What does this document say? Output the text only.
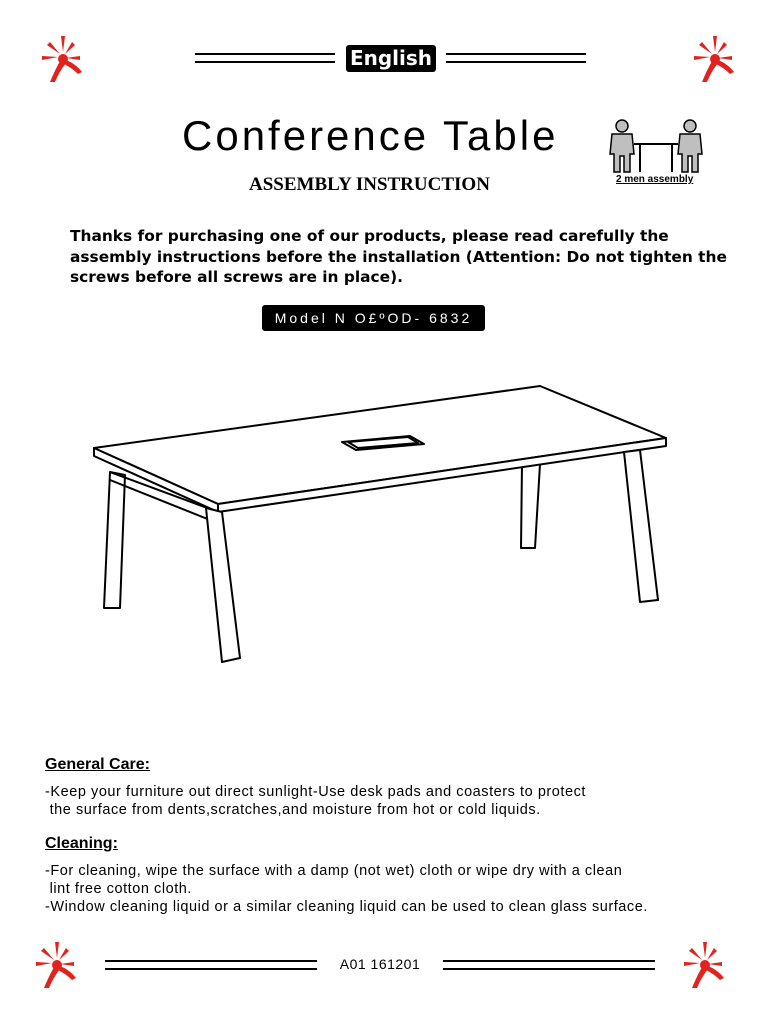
English
Conference Table
ASSEMBLY INSTRUCTION	2 men assembly
Thanks for purchasing one of our products, please read carefully the assembly instructions before the installation (Attention: Do not tighten the screws before all screws are in place).
Model N O£ºOD- 6832
General Care:
-Keep your furniture out direct sunlight-Use desk pads and coasters to protect
the surface from dents,scratches,and moisture from hot or cold liquids.
Cleaning:
-For cleaning, wipe the surface with a damp (not wet) cloth or wipe dry with a clean
lint free cotton cloth.
-Window cleaning liquid or a similar cleaning liquid can be used to clean glass surface.
A01 161201
